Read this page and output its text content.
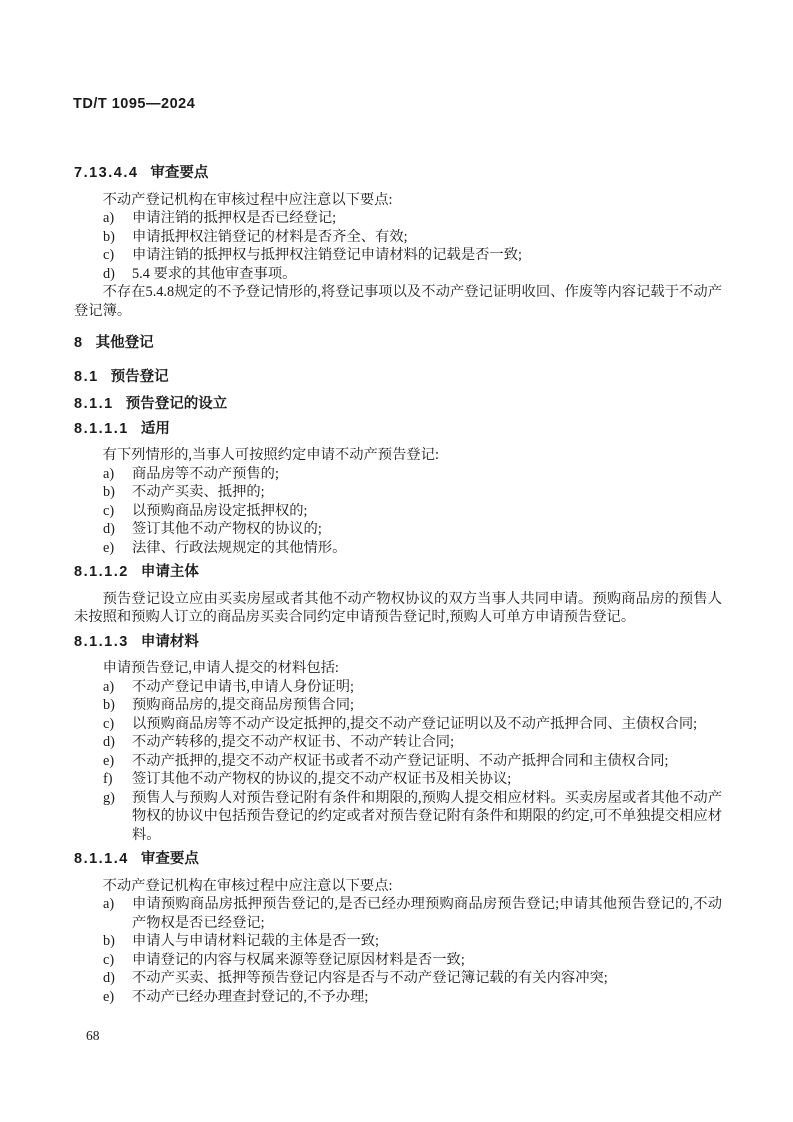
TD/T 1095—2024
7.13.4.4 审查要点

不动产登记机构在审核过程中应注意以下要点:

a) 申请注销的抵押权是否已经登记;
b) 申请抵押权注销登记的材料是否齐全、有效;
c) 申请注销的抵押权与抵押权注销登记申请材料的记载是否一致;
d) 5.4 要求的其他审查事项。

不存在5.4.8规定的不予登记情形的,将登记事项以及不动产登记证明收回、作废等内容记载于不动产登记簿。

8 其他登记
8.1 预告登记
8.1.1 预告登记的设立
8.1.1.1 适用

有下列情形的,当事人可按照约定申请不动产预告登记:

a) 商品房等不动产预售的;
b) 不动产买卖、抵押的;
c) 以预购商品房设定抵押权的;
d) 签订其他不动产物权的协议的;
e) 法律、行政法规规定的其他情形。
8.1.1.2 申请主体

预告登记设立应由买卖房屋或者其他不动产物权协议的双方当事人共同申请。预购商品房的预售人未按照和预购人订立的商品房买卖合同约定申请预告登记时,预购人可单方申请预告登记。

8.1.1.3 申请材料

申请预告登记,申请人提交的材料包括:

a) 不动产登记申请书,申请人身份证明;
b) 预购商品房的,提交商品房预售合同;
c) 以预购商品房等不动产设定抵押的,提交不动产登记证明以及不动产抵押合同、主债权合同;
d) 不动产转移的,提交不动产权证书、不动产转让合同;
e) 不动产抵押的,提交不动产权证书或者不动产登记证明、不动产抵押合同和主债权合同;
f) 签订其他不动产物权的协议的,提交不动产权证书及相关协议;
g) 预售人与预购人对预告登记附有条件和期限的,预购人提交相应材料。买卖房屋或者其他不动产物权的协议中包括预告登记的约定或者对预告登记附有条件和期限的约定,可不单独提交相应材料。
8.1.1.4 审查要点

不动产登记机构在审核过程中应注意以下要点:

a) 申请预购商品房抵押预告登记的,是否已经办理预购商品房预告登记;申请其他预告登记的,不动产物权是否已经登记;
b) 申请人与申请材料记载的主体是否一致;
c) 申请登记的内容与权属来源等登记原因材料是否一致;
d) 不动产买卖、抵押等预告登记内容是否与不动产登记簿记载的有关内容冲突;
e) 不动产已经办理查封登记的,不予办理;
68
